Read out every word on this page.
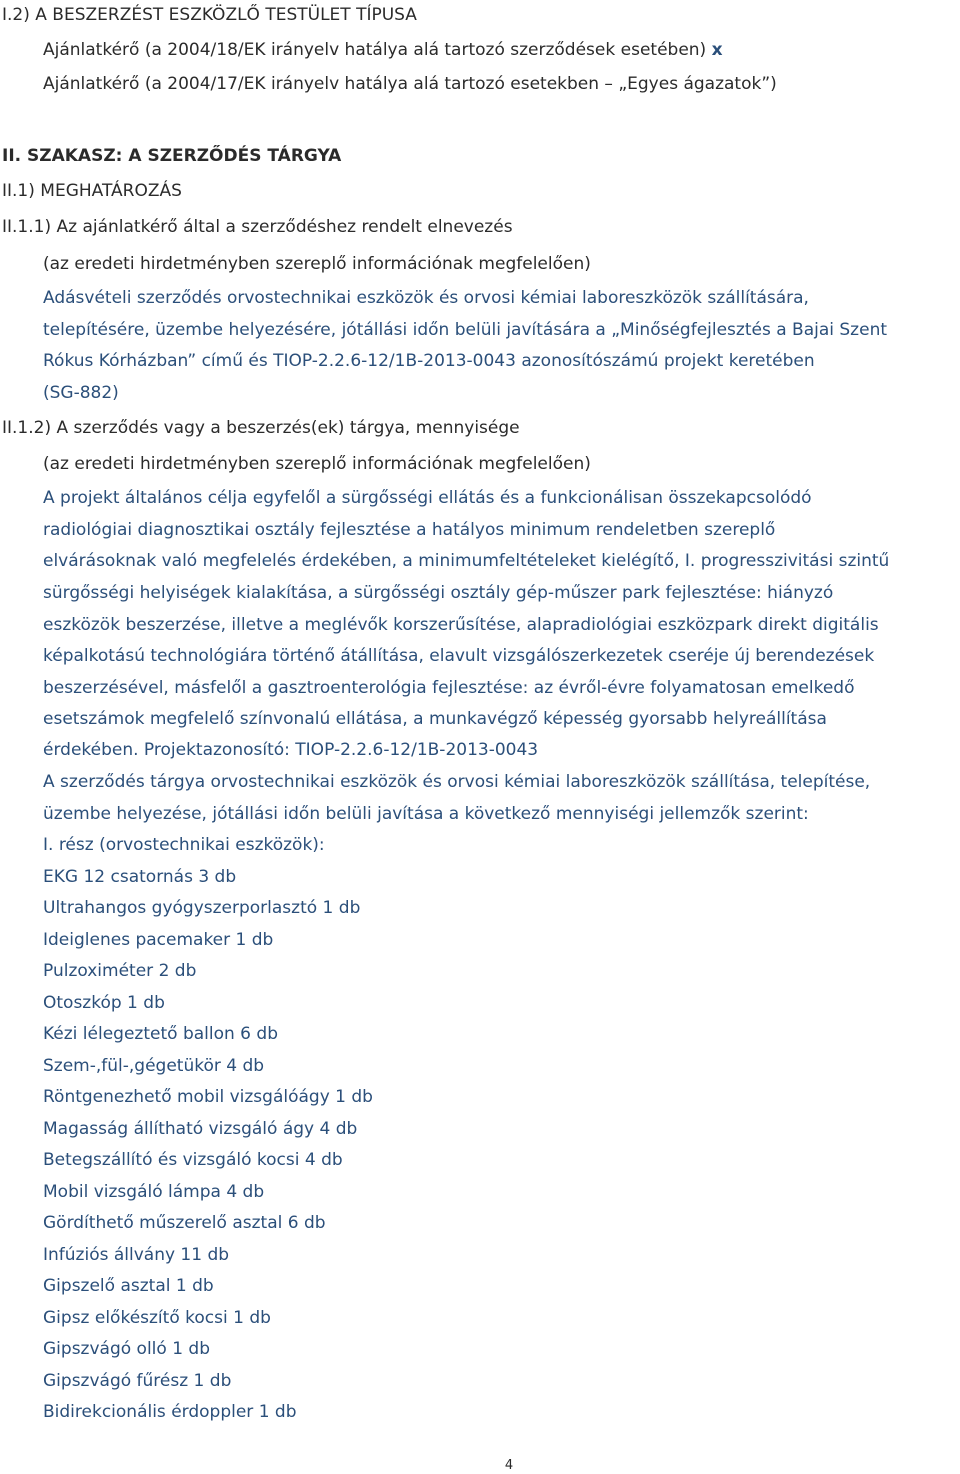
I.2) A BESZERZÉST ESZKÖZLŐ TESTÜLET TÍPUSA
Ajánlatkérő (a 2004/18/EK irányelv hatálya alá tartozó szerződések esetében) x
Ajánlatkérő (a 2004/17/EK irányelv hatálya alá tartozó esetekben – „Egyes ágazatok”)
II. SZAKASZ: A SZERZŐDÉS TÁRGYA
II.1) MEGHATÁROZÁS
II.1.1) Az ajánlatkérő által a szerződéshez rendelt elnevezés
(az eredeti hirdetményben szereplő információnak megfelelően)
Adásvételi szerződés orvostechnikai eszközök és orvosi kémiai laboreszközök szállítására,
telepítésére, üzembe helyezésére, jótállási időn belüli javítására a „Minőségfejlesztés a Bajai Szent
Rókus Kórházban” című és TIOP-2.2.6-12/1B-2013-0043 azonosítószámú projekt keretében
(SG-882)
II.1.2) A szerződés vagy a beszerzés(ek) tárgya, mennyisége
(az eredeti hirdetményben szereplő információnak megfelelően)
A projekt általános célja egyfelől a sürgősségi ellátás és a funkcionálisan összekapcsolódó
radiológiai diagnosztikai osztály fejlesztése a hatályos minimum rendeletben szereplő
elvárásoknak való megfelelés érdekében, a minimumfeltételeket kielégítő, I. progresszivitási szintű
sürgősségi helyiségek kialakítása, a sürgősségi osztály gép-műszer park fejlesztése: hiányzó
eszközök beszerzése, illetve a meglévők korszerűsítése, alapradiológiai eszközpark direkt digitális
képalkotású technológiára történő átállítása, elavult vizsgálószerkezetek cseréje új berendezések
beszerzésével, másfelől a gasztroenterológia fejlesztése: az évről-évre folyamatosan emelkedő
esetszámok megfelelő színvonalú ellátása, a munkavégző képesség gyorsabb helyreállítása
érdekében. Projektazonosító: TIOP-2.2.6-12/1B-2013-0043
A szerződés tárgya orvostechnikai eszközök és orvosi kémiai laboreszközök szállítása, telepítése,
üzembe helyezése, jótállási időn belüli javítása a következő mennyiségi jellemzők szerint:
I. rész (orvostechnikai eszközök):
EKG 12 csatornás 3 db
Ultrahangos gyógyszerporlasztó 1 db
Ideiglenes pacemaker 1 db
Pulzoximéter 2 db
Otoszkóp 1 db
Kézi lélegeztető ballon 6 db
Szem-,fül-,gégetükör 4 db
Röntgenezhető mobil vizsgálóágy 1 db
Magasság állítható vizsgáló ágy 4 db
Betegszállító és vizsgáló kocsi 4 db
Mobil vizsgáló lámpa 4 db
Gördíthető műszerelő asztal 6 db
Infúziós állvány 11 db
Gipszelő asztal 1 db
Gipsz előkészítő kocsi 1 db
Gipszvágó olló 1 db
Gipszvágó fűrész 1 db
Bidirekcionális érdoppler 1 db
4
